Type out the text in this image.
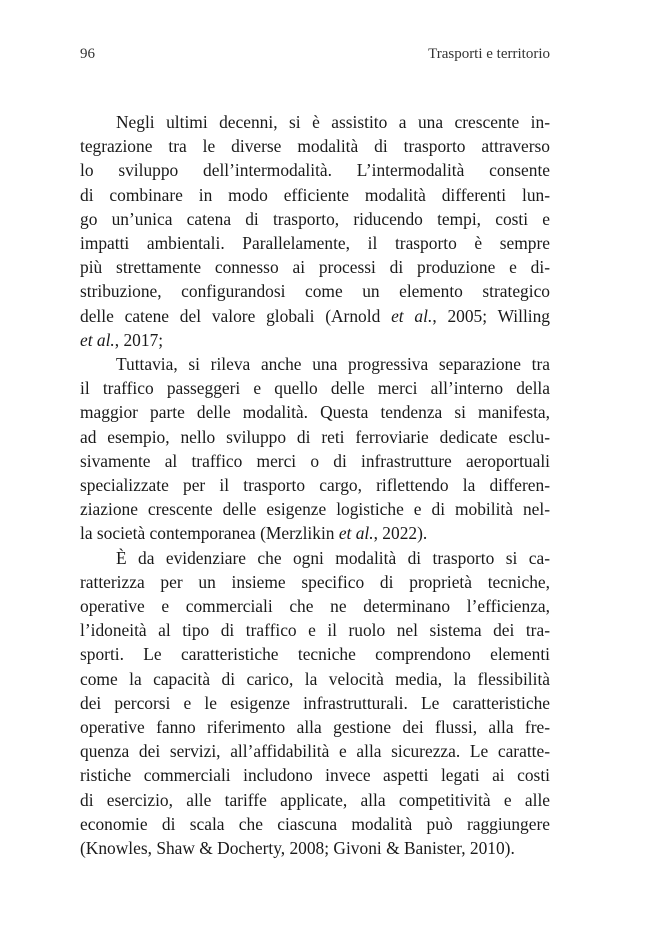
96	Trasporti e territorio
Negli ultimi decenni, si è assistito a una crescente in-
tegrazione tra le diverse modalità di trasporto attraverso
lo sviluppo dell’intermodalità. L’intermodalità consente
di combinare in modo efficiente modalità differenti lun-
go un’unica catena di trasporto, riducendo tempi, costi e
impatti ambientali. Parallelamente, il trasporto è sempre
più strettamente connesso ai processi di produzione e di-
stribuzione, configurandosi come un elemento strategico
delle catene del valore globali (Arnold et al., 2005; Willing
et al., 2017;
Tuttavia, si rileva anche una progressiva separazione tra
il traffico passeggeri e quello delle merci all’interno della
maggior parte delle modalità. Questa tendenza si manifesta,
ad esempio, nello sviluppo di reti ferroviarie dedicate esclu-
sivamente al traffico merci o di infrastrutture aeroportuali
specializzate per il trasporto cargo, riflettendo la differen-
ziazione crescente delle esigenze logistiche e di mobilità nel-
la società contemporanea (Merzlikin et al., 2022).
È da evidenziare che ogni modalità di trasporto si ca-
ratterizza per un insieme specifico di proprietà tecniche,
operative e commerciali che ne determinano l’efficienza,
l’idoneità al tipo di traffico e il ruolo nel sistema dei tra-
sporti. Le caratteristiche tecniche comprendono elementi
come la capacità di carico, la velocità media, la flessibilità
dei percorsi e le esigenze infrastrutturali. Le caratteristiche
operative fanno riferimento alla gestione dei flussi, alla fre-
quenza dei servizi, all’affidabilità e alla sicurezza. Le caratte-
ristiche commerciali includono invece aspetti legati ai costi
di esercizio, alle tariffe applicate, alla competitività e alle
economie di scala che ciascuna modalità può raggiungere
(Knowles, Shaw & Docherty, 2008; Givoni & Banister, 2010).
